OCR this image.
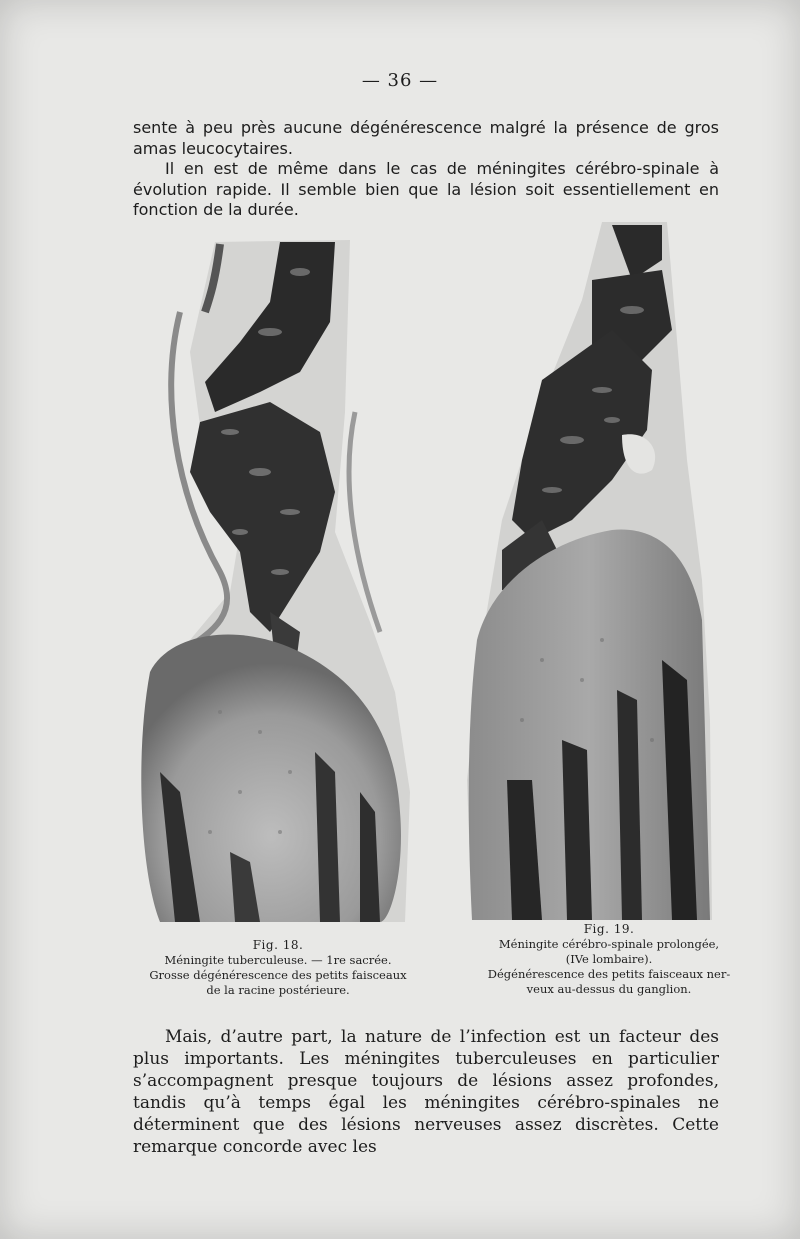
— 36 —

sente à peu près aucune dégénérescence malgré la présence de gros amas leucocytaires.

Il en est de même dans le cas de méningites cérébro-spinale à évolution rapide. Il semble bien que la lésion soit essentiellement en fonction de la durée.

Fig. 18.
Méningite tuberculeuse. — 1re sacrée.
Grosse dégénérescence des petits faisceaux
de la racine postérieure.
Fig. 19.
Méningite cérébro-spinale prolongée,
(IVe lombaire).
Dégénérescence des petits faisceaux ner-
veux au-dessus du ganglion.

Mais, d’autre part, la nature de l’infection est un facteur des plus importants. Les méningites tuberculeuses en particulier s’accompagnent presque toujours de lésions assez profondes, tandis qu’à temps égal les méningites cérébro-spinales ne déterminent que des lésions nerveuses assez discrètes. Cette remarque concorde avec les
